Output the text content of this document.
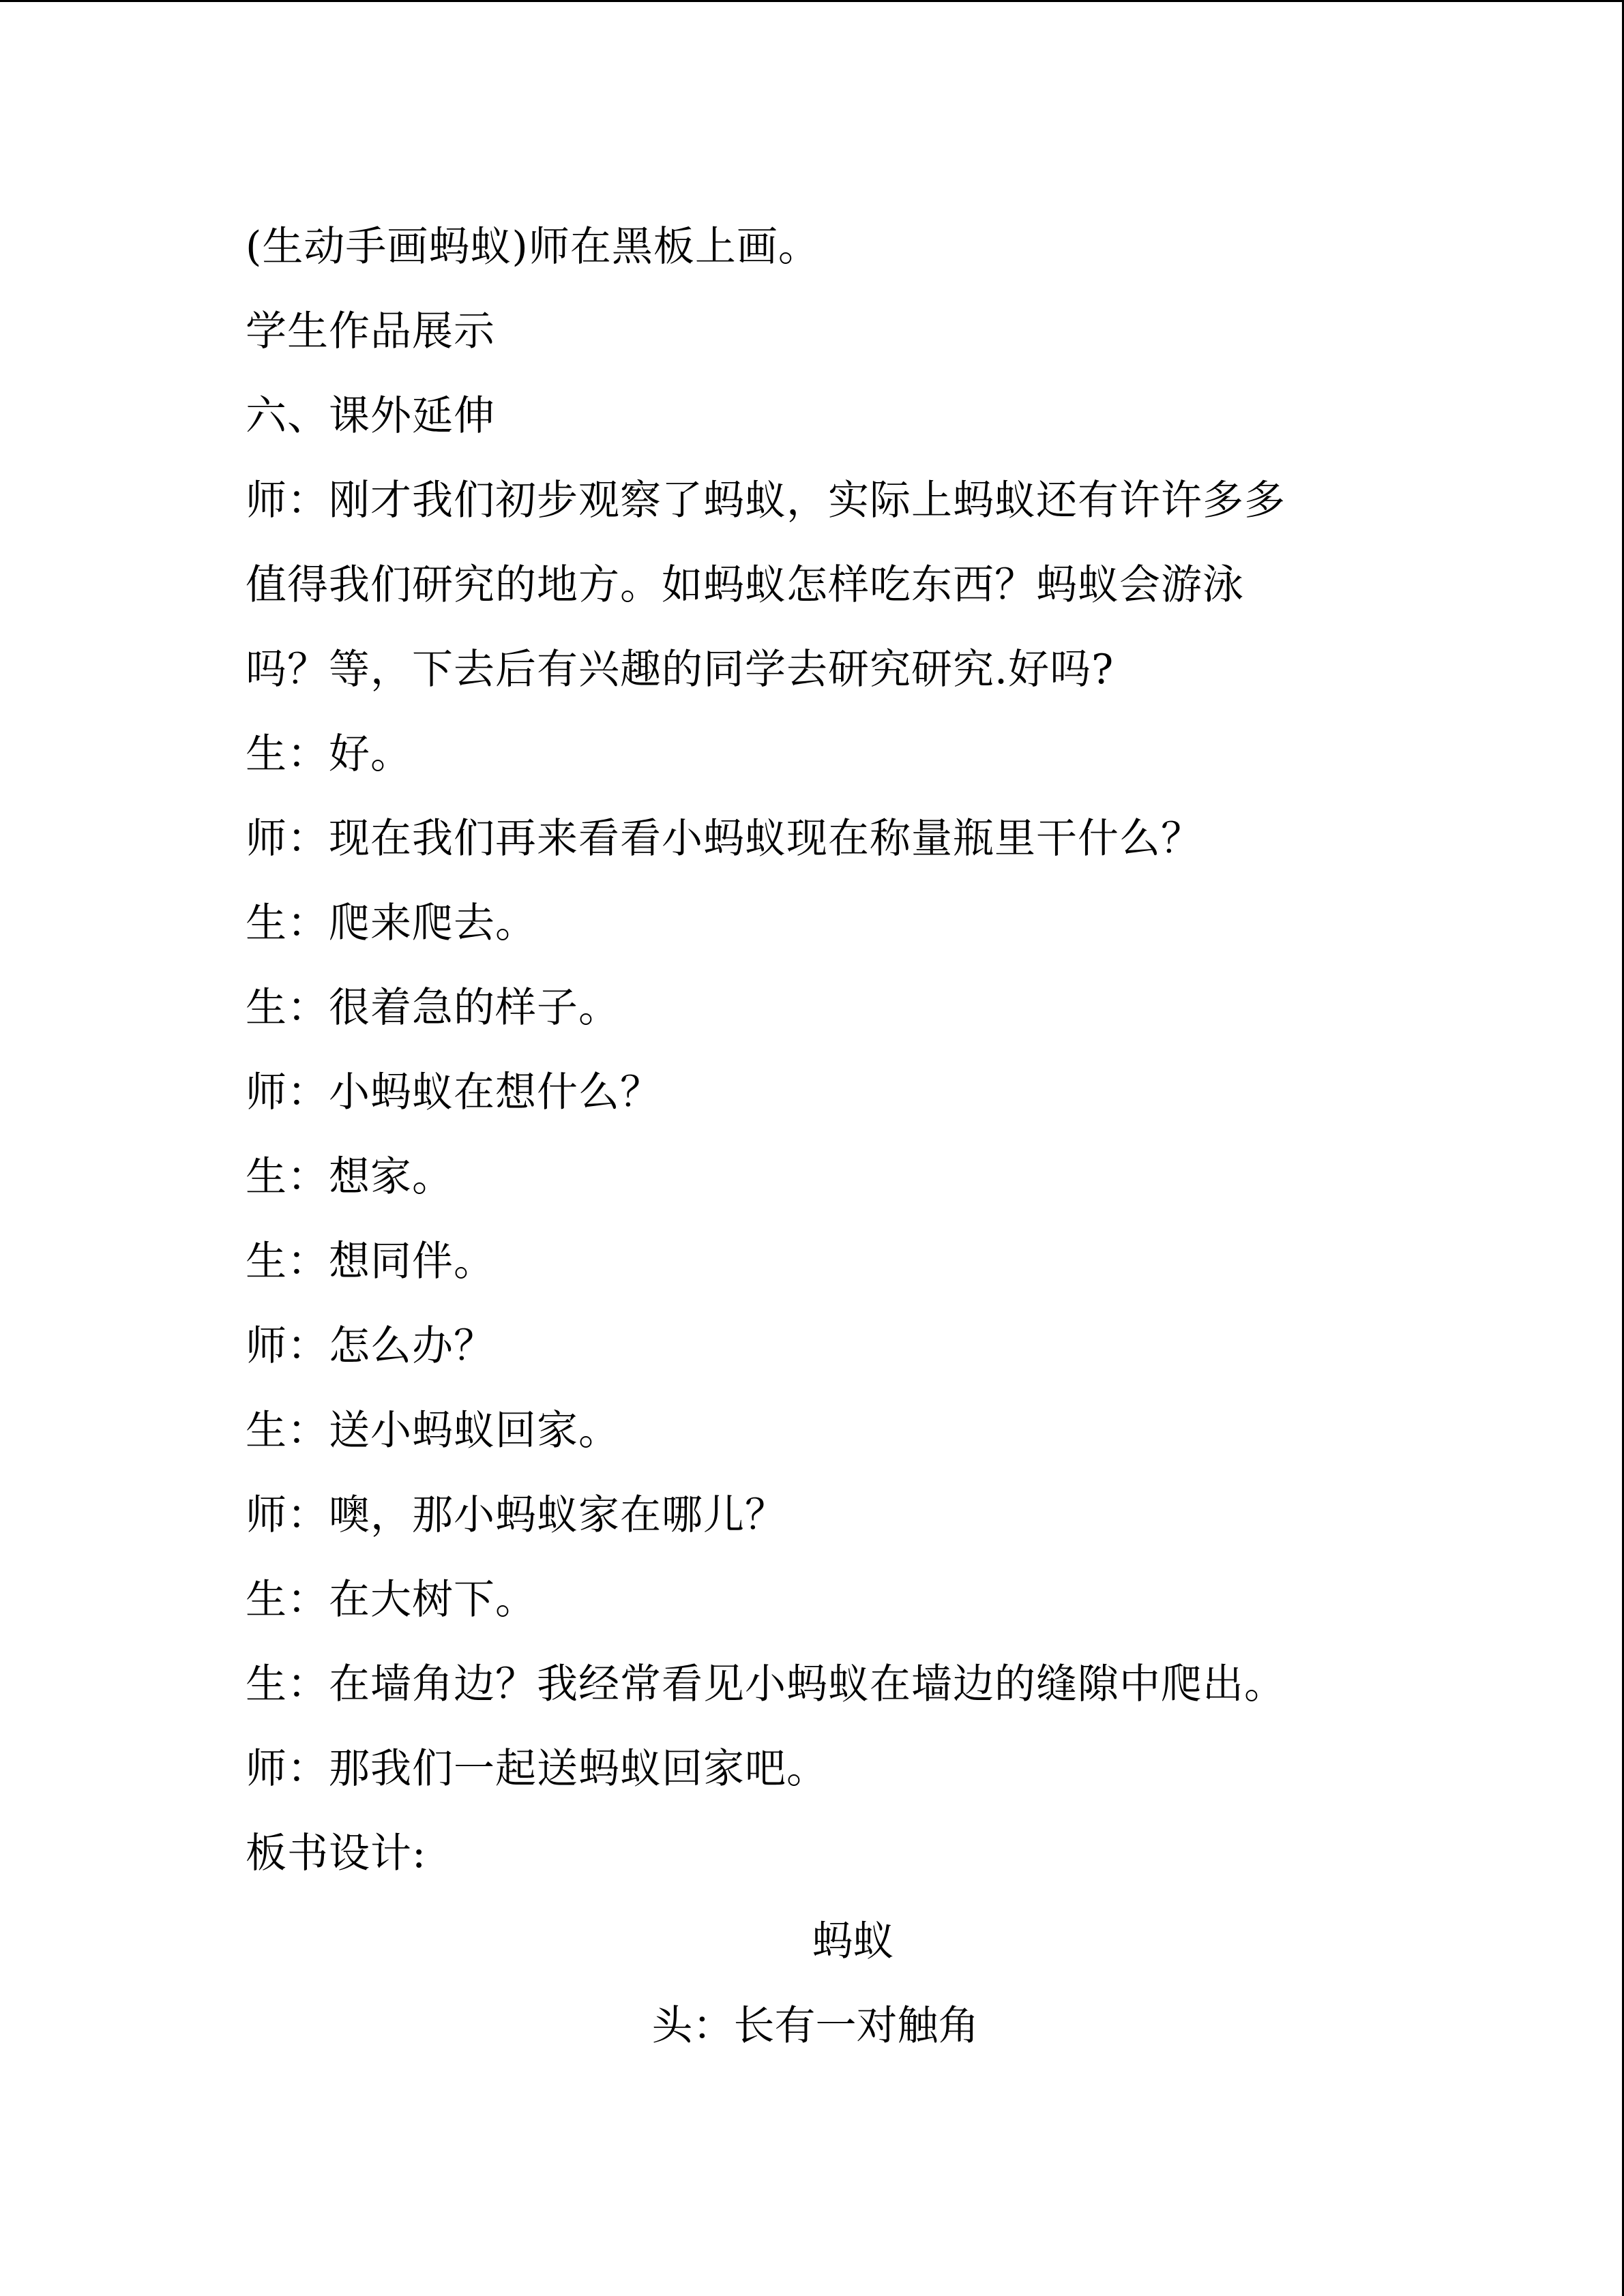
(生动手画蚂蚁)师在黑板上画。
学生作品展示
六、课外延伸
师：刚才我们初步观察了蚂蚁，实际上蚂蚁还有许许多多
值得我们研究的地方。如蚂蚁怎样吃东西？蚂蚁会游泳
吗？等，下去后有兴趣的同学去研究研究.好吗?
生：好。
师：现在我们再来看看小蚂蚁现在称量瓶里干什么？
生：爬来爬去。
生：很着急的样子。
师：小蚂蚁在想什么？
生：想家。
生：想同伴。
师：怎么办？
生：送小蚂蚁回家。
师：噢，那小蚂蚁家在哪儿？
生：在大树下。
生：在墙角边？我经常看见小蚂蚁在墙边的缝隙中爬出。
师：那我们一起送蚂蚁回家吧。
板书设计:
蚂蚁
头：长有一对触角
